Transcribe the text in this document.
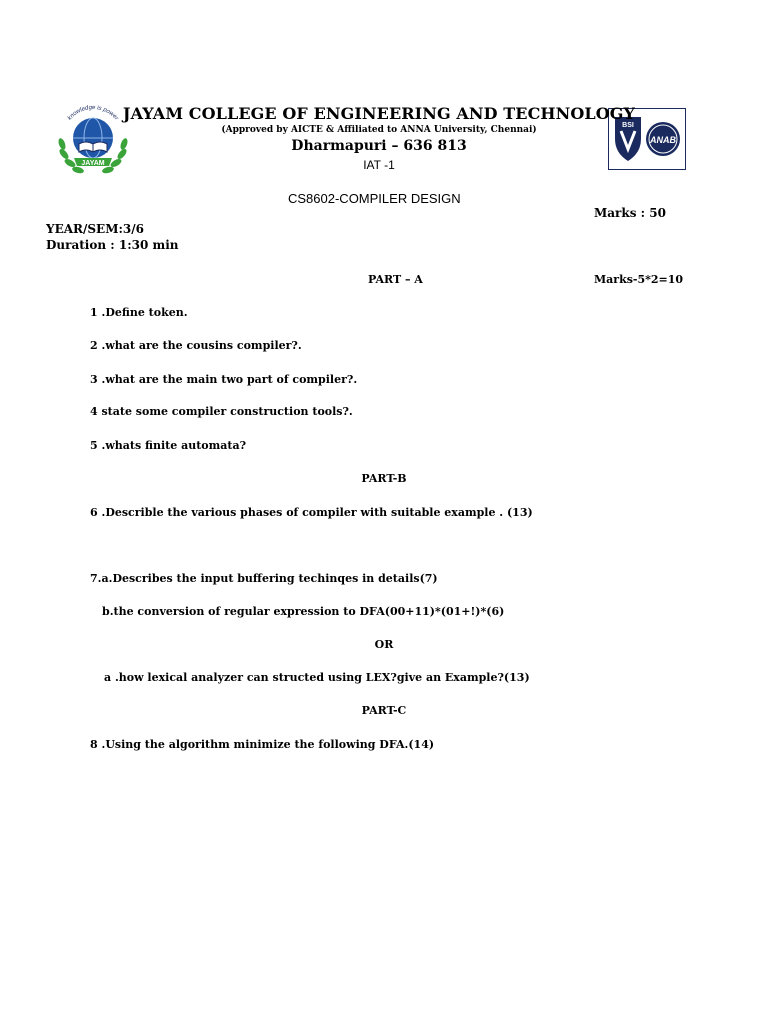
JAYAM
knowledge is power
BSI
ANAB
JAYAM COLLEGE OF ENGINEERING AND TECHNOLOGY
(Approved by AICTE & Affiliated to ANNA University, Chennai)
Dharmapuri – 636 813
IAT -1
CS8602-COMPILER DESIGN
Marks : 50
YEAR/SEM:3/6
Duration : 1:30 min
PART – A	Marks-5*2=10
1 .Define token.
2 .what are the cousins compiler?.
3 .what are the main two part of compiler?.
4 state some compiler construction tools?.
5 .whats finite automata?
PART-B
6 .Describle the various phases of compiler with suitable example . (13)
7.a.Describes the input buffering techinqes in details(7)
b.the conversion of regular expression to DFA(00+11)*(01+!)*(6)
OR
a .how lexical analyzer can structed using LEX?give an Example?(13)
PART-C
8 .Using the algorithm minimize the following DFA.(14)
